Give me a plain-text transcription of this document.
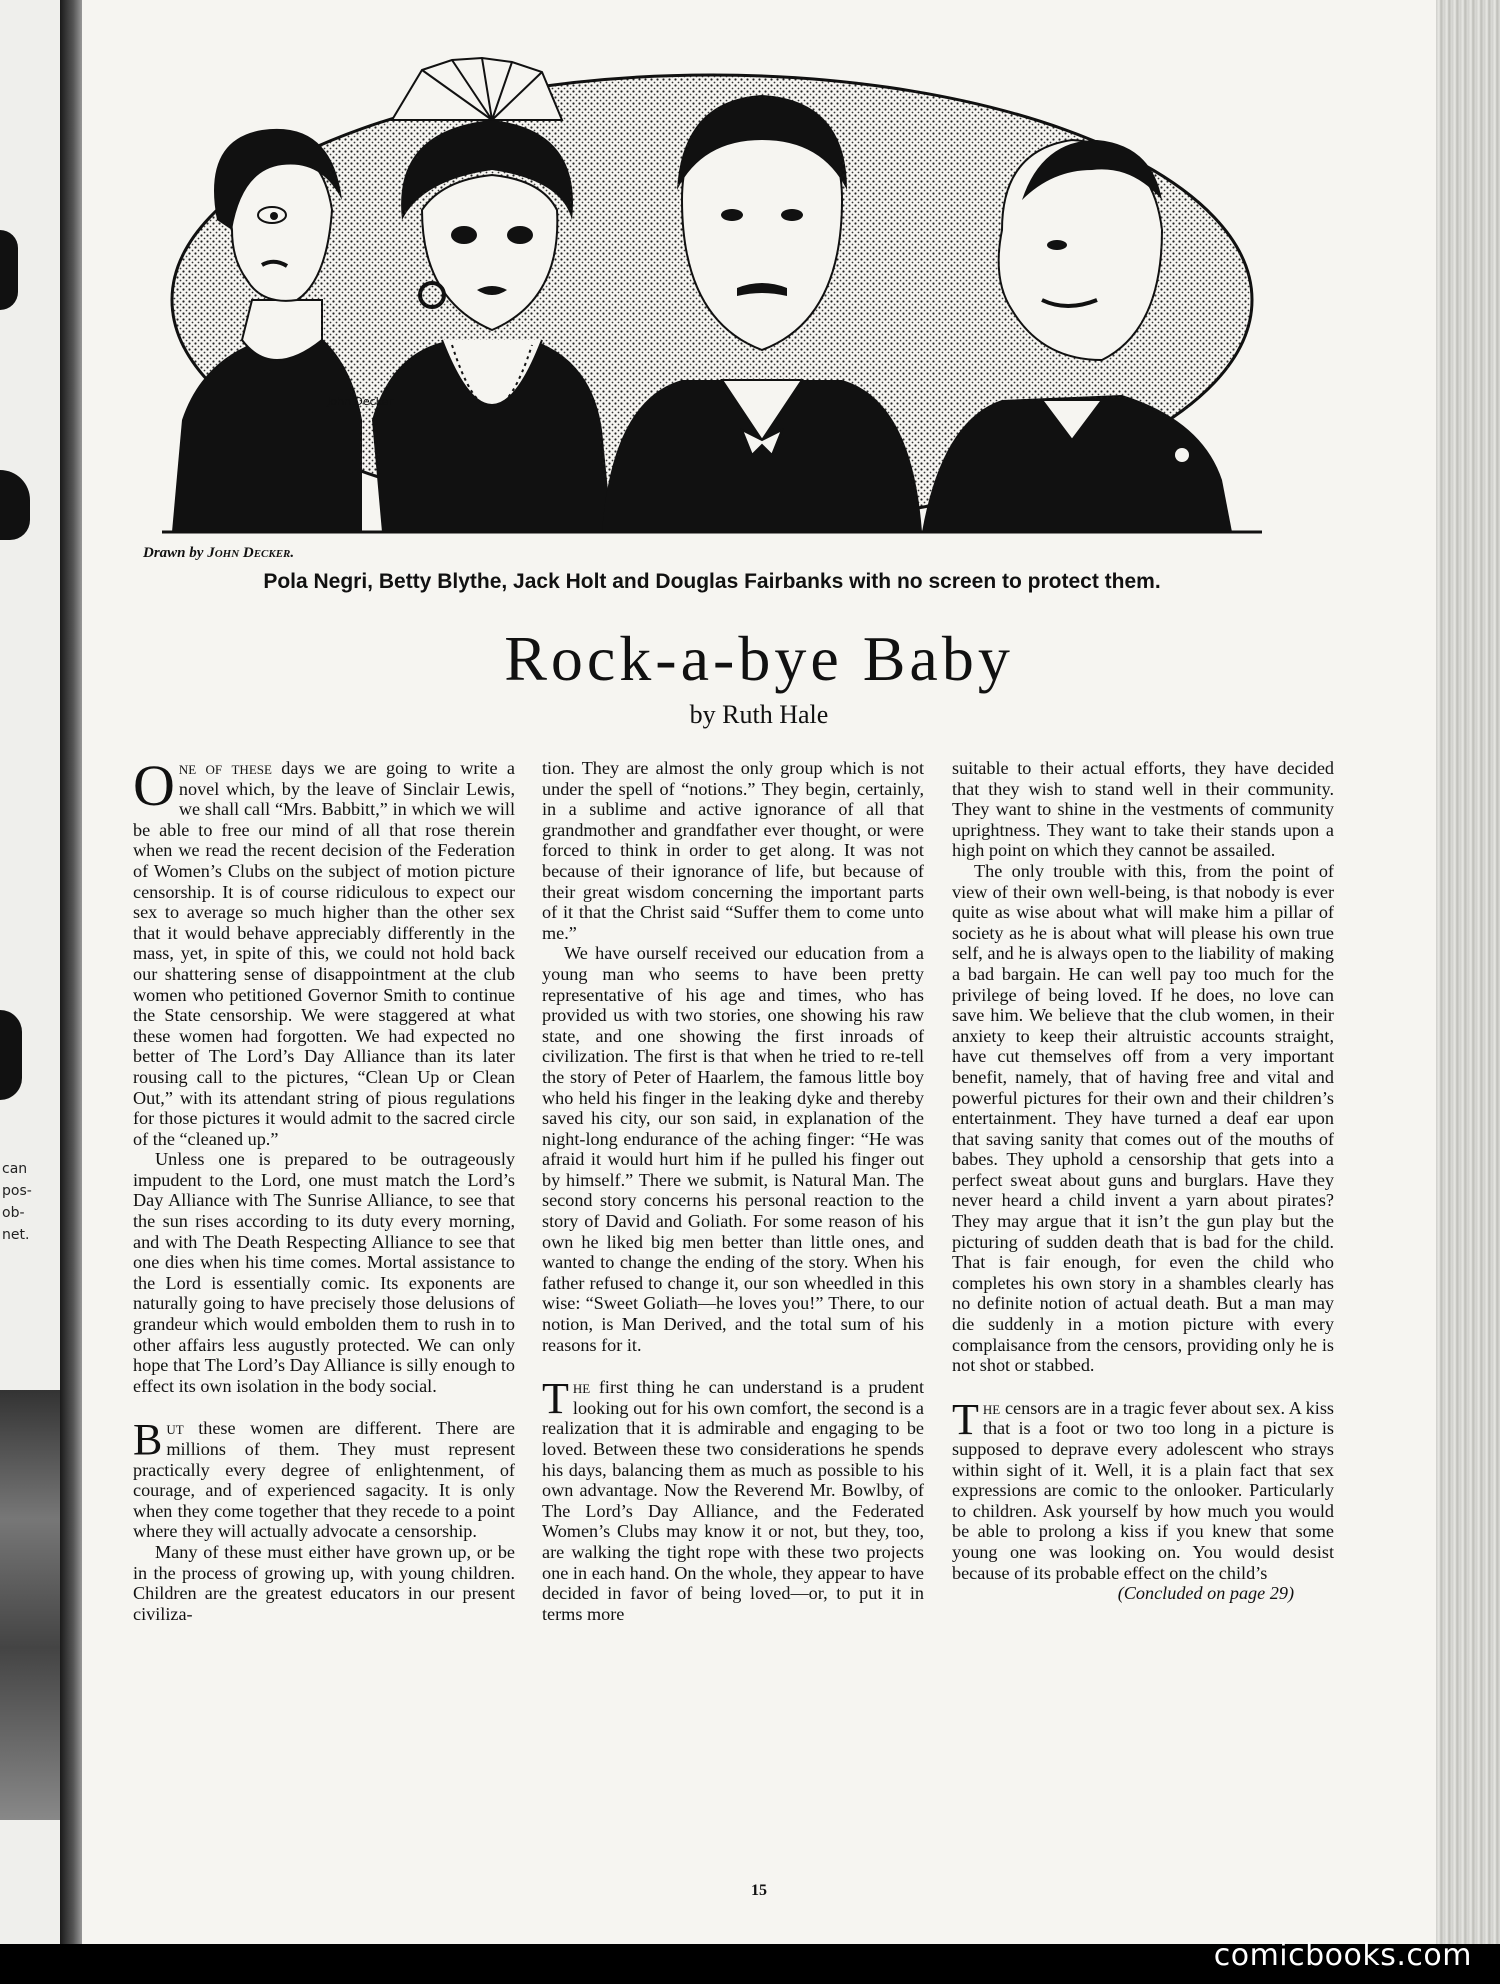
can
pos-
ob-
net.
John Decker
Drawn by John Decker.
Pola Negri, Betty Blythe, Jack Holt and Douglas Fairbanks with no screen to protect them.
Rock-a-bye Baby
by Ruth Hale

One of these days we are going to write a novel which, by the leave of Sinclair Lewis, we shall call “Mrs. Babbitt,” in which we will be able to free our mind of all that rose therein when we read the recent decision of the Federation of Women’s Clubs on the subject of motion picture censorship. It is of course ridiculous to expect our sex to average so much higher than the other sex that it would behave appreciably differently in the mass, yet, in spite of this, we could not hold back our shattering sense of disappointment at the club women who petitioned Governor Smith to continue the State censorship. We were staggered at what these women had forgotten. We had expected no better of The Lord’s Day Alliance than its later rousing call to the pictures, “Clean Up or Clean Out,” with its attendant string of pious regulations for those pictures it would admit to the sacred circle of the “cleaned up.”

Unless one is prepared to be outrageously impudent to the Lord, one must match the Lord’s Day Alliance with The Sunrise Alliance, to see that the sun rises according to its duty every morning, and with The Death Respecting Alliance to see that one dies when his time comes. Mortal assistance to the Lord is essentially comic. Its exponents are naturally going to have precisely those delusions of grandeur which would embolden them to rush in to other affairs less augustly protected. We can only hope that The Lord’s Day Alliance is silly enough to effect its own isolation in the body social.

But these women are different. There are millions of them. They must represent practically every degree of enlightenment, of courage, and of experienced sagacity. It is only when they come together that they recede to a point where they will actually advocate a censorship.

Many of these must either have grown up, or be in the process of growing up, with young children. Children are the greatest educators in our present civiliza-

tion. They are almost the only group which is not under the spell of “notions.” They begin, certainly, in a sublime and active ignorance of all that grandmother and grandfather ever thought, or were forced to think in order to get along. It was not because of their ignorance of life, but because of their great wisdom concerning the important parts of it that the Christ said “Suffer them to come unto me.”

We have ourself received our education from a young man who seems to have been pretty representative of his age and times, who has provided us with two stories, one showing his raw state, and one showing the first inroads of civilization. The first is that when he tried to re-tell the story of Peter of Haarlem, the famous little boy who held his finger in the leaking dyke and thereby saved his city, our son said, in explanation of the night-long endurance of the aching finger: “He was afraid it would hurt him if he pulled his finger out by himself.” There we submit, is Natural Man. The second story concerns his personal reaction to the story of David and Goliath. For some reason of his own he liked big men better than little ones, and wanted to change the ending of the story. When his father refused to change it, our son wheedled in this wise: “Sweet Goliath—he loves you!” There, to our notion, is Man Derived, and the total sum of his reasons for it.

The first thing he can understand is a prudent looking out for his own comfort, the second is a realization that it is admirable and engaging to be loved. Between these two considerations he spends his days, balancing them as much as possible to his own advantage. Now the Reverend Mr. Bowlby, of The Lord’s Day Alliance, and the Federated Women’s Clubs may know it or not, but they, too, are walking the tight rope with these two projects one in each hand. On the whole, they appear to have decided in favor of being loved—or, to put it in terms more

suitable to their actual efforts, they have decided that they wish to stand well in their community. They want to shine in the vestments of community uprightness. They want to take their stands upon a high point on which they cannot be assailed.

The only trouble with this, from the point of view of their own well-being, is that nobody is ever quite as wise about what will make him a pillar of society as he is about what will please his own true self, and he is always open to the liability of making a bad bargain. He can well pay too much for the privilege of being loved. If he does, no love can save him. We believe that the club women, in their anxiety to keep their altruistic accounts straight, have cut themselves off from a very important benefit, namely, that of having free and vital and powerful pictures for their own and their children’s entertainment. They have turned a deaf ear upon that saving sanity that comes out of the mouths of babes. They uphold a censorship that gets into a perfect sweat about guns and burglars. Have they never heard a child invent a yarn about pirates? They may argue that it isn’t the gun play but the picturing of sudden death that is bad for the child. That is fair enough, for even the child who completes his own story in a shambles clearly has no definite notion of actual death. But a man may die suddenly in a motion picture with every complaisance from the censors, providing only he is not shot or stabbed.

The censors are in a tragic fever about sex. A kiss that is a foot or two too long in a picture is supposed to deprave every adolescent who strays within sight of it. Well, it is a plain fact that sex expressions are comic to the onlooker. Particularly to children. Ask yourself by how much you would be able to prolong a kiss if you knew that some young one was looking on. You would desist because of its probable effect on the child’s

(Concluded on page 29)

15
comicbooks.com
